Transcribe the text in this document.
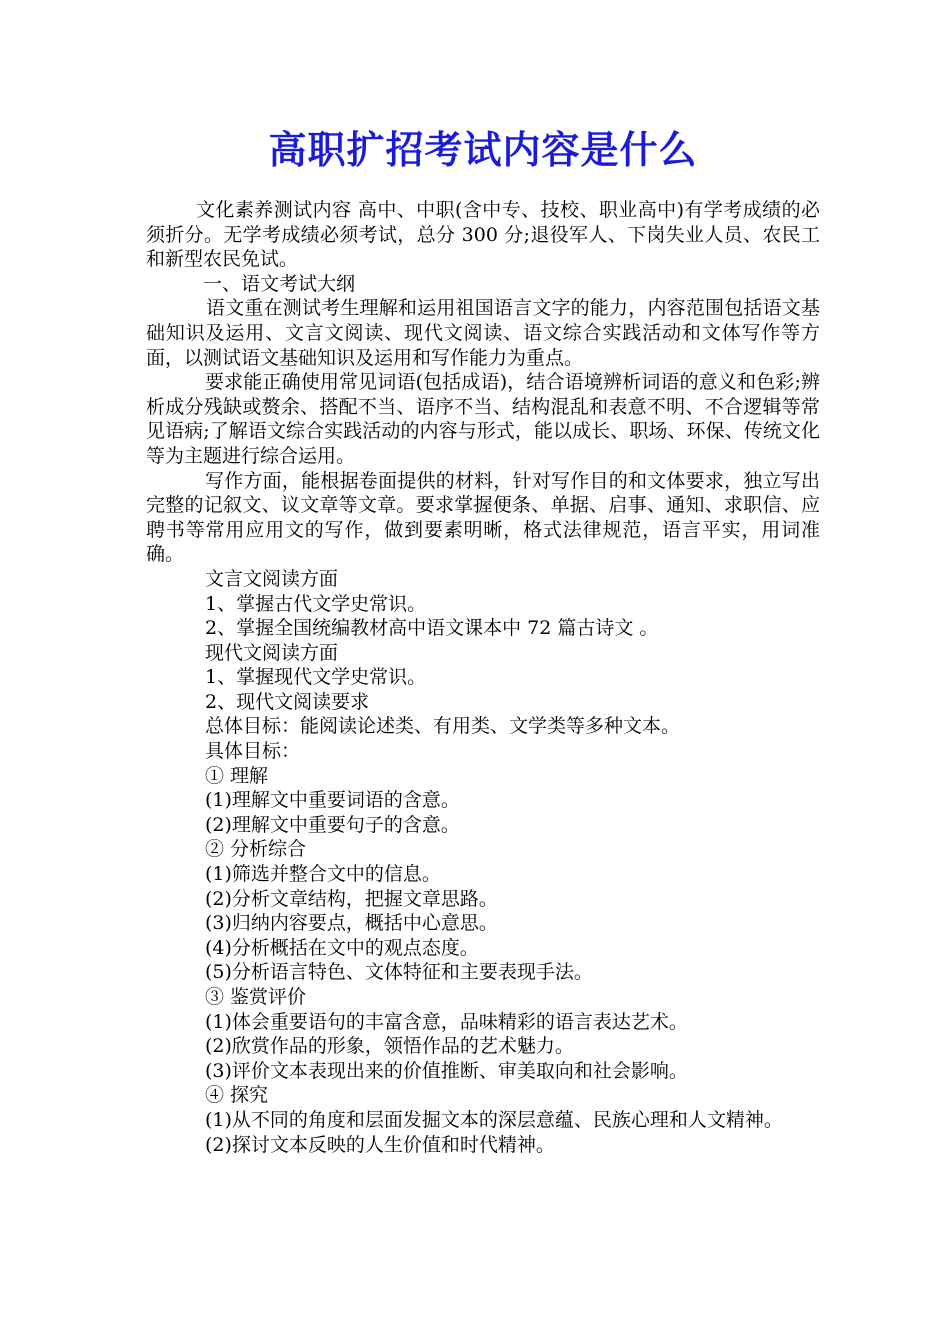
高职扩招考试内容是什么

文化素养测试内容 高中、中职(含中专、技校、职业高中)有学考成绩的必须折分。无学考成绩必须考试，总分 300 分;退役军人、下岗失业人员、农民工和新型农民免试。

一、语文考试大纲

语文重在测试考生理解和运用祖国语言文字的能力，内容范围包括语文基础知识及运用、文言文阅读、现代文阅读、语文综合实践活动和文体写作等方面，以测试语文基础知识及运用和写作能力为重点。

要求能正确使用常见词语(包括成语)，结合语境辨析词语的意义和色彩;辨析成分残缺或赘余、搭配不当、语序不当、结构混乱和表意不明、不合逻辑等常见语病;了解语文综合实践活动的内容与形式，能以成长、职场、环保、传统文化等为主题进行综合运用。

写作方面，能根据卷面提供的材料，针对写作目的和文体要求，独立写出完整的记叙文、议文章等文章。要求掌握便条、单据、启事、通知、求职信、应聘书等常用应用文的写作，做到要素明晰，格式法律规范，语言平实，用词准确。

文言文阅读方面

1、掌握古代文学史常识。

2、掌握全国统编教材高中语文课本中 72 篇古诗文 。

现代文阅读方面

1、掌握现代文学史常识。

2、现代文阅读要求

总体目标：能阅读论述类、有用类、文学类等多种文本。

具体目标：

① 理解

(1)理解文中重要词语的含意。

(2)理解文中重要句子的含意。

② 分析综合

(1)筛选并整合文中的信息。

(2)分析文章结构，把握文章思路。

(3)归纳内容要点，概括中心意思。

(4)分析概括在文中的观点态度。

(5)分析语言特色、文体特征和主要表现手法。

③ 鉴赏评价

(1)体会重要语句的丰富含意，品味精彩的语言表达艺术。

(2)欣赏作品的形象，领悟作品的艺术魅力。

(3)评价文本表现出来的价值推断、审美取向和社会影响。

④ 探究

(1)从不同的角度和层面发掘文本的深层意蕴、民族心理和人文精神。

(2)探讨文本反映的人生价值和时代精神。
